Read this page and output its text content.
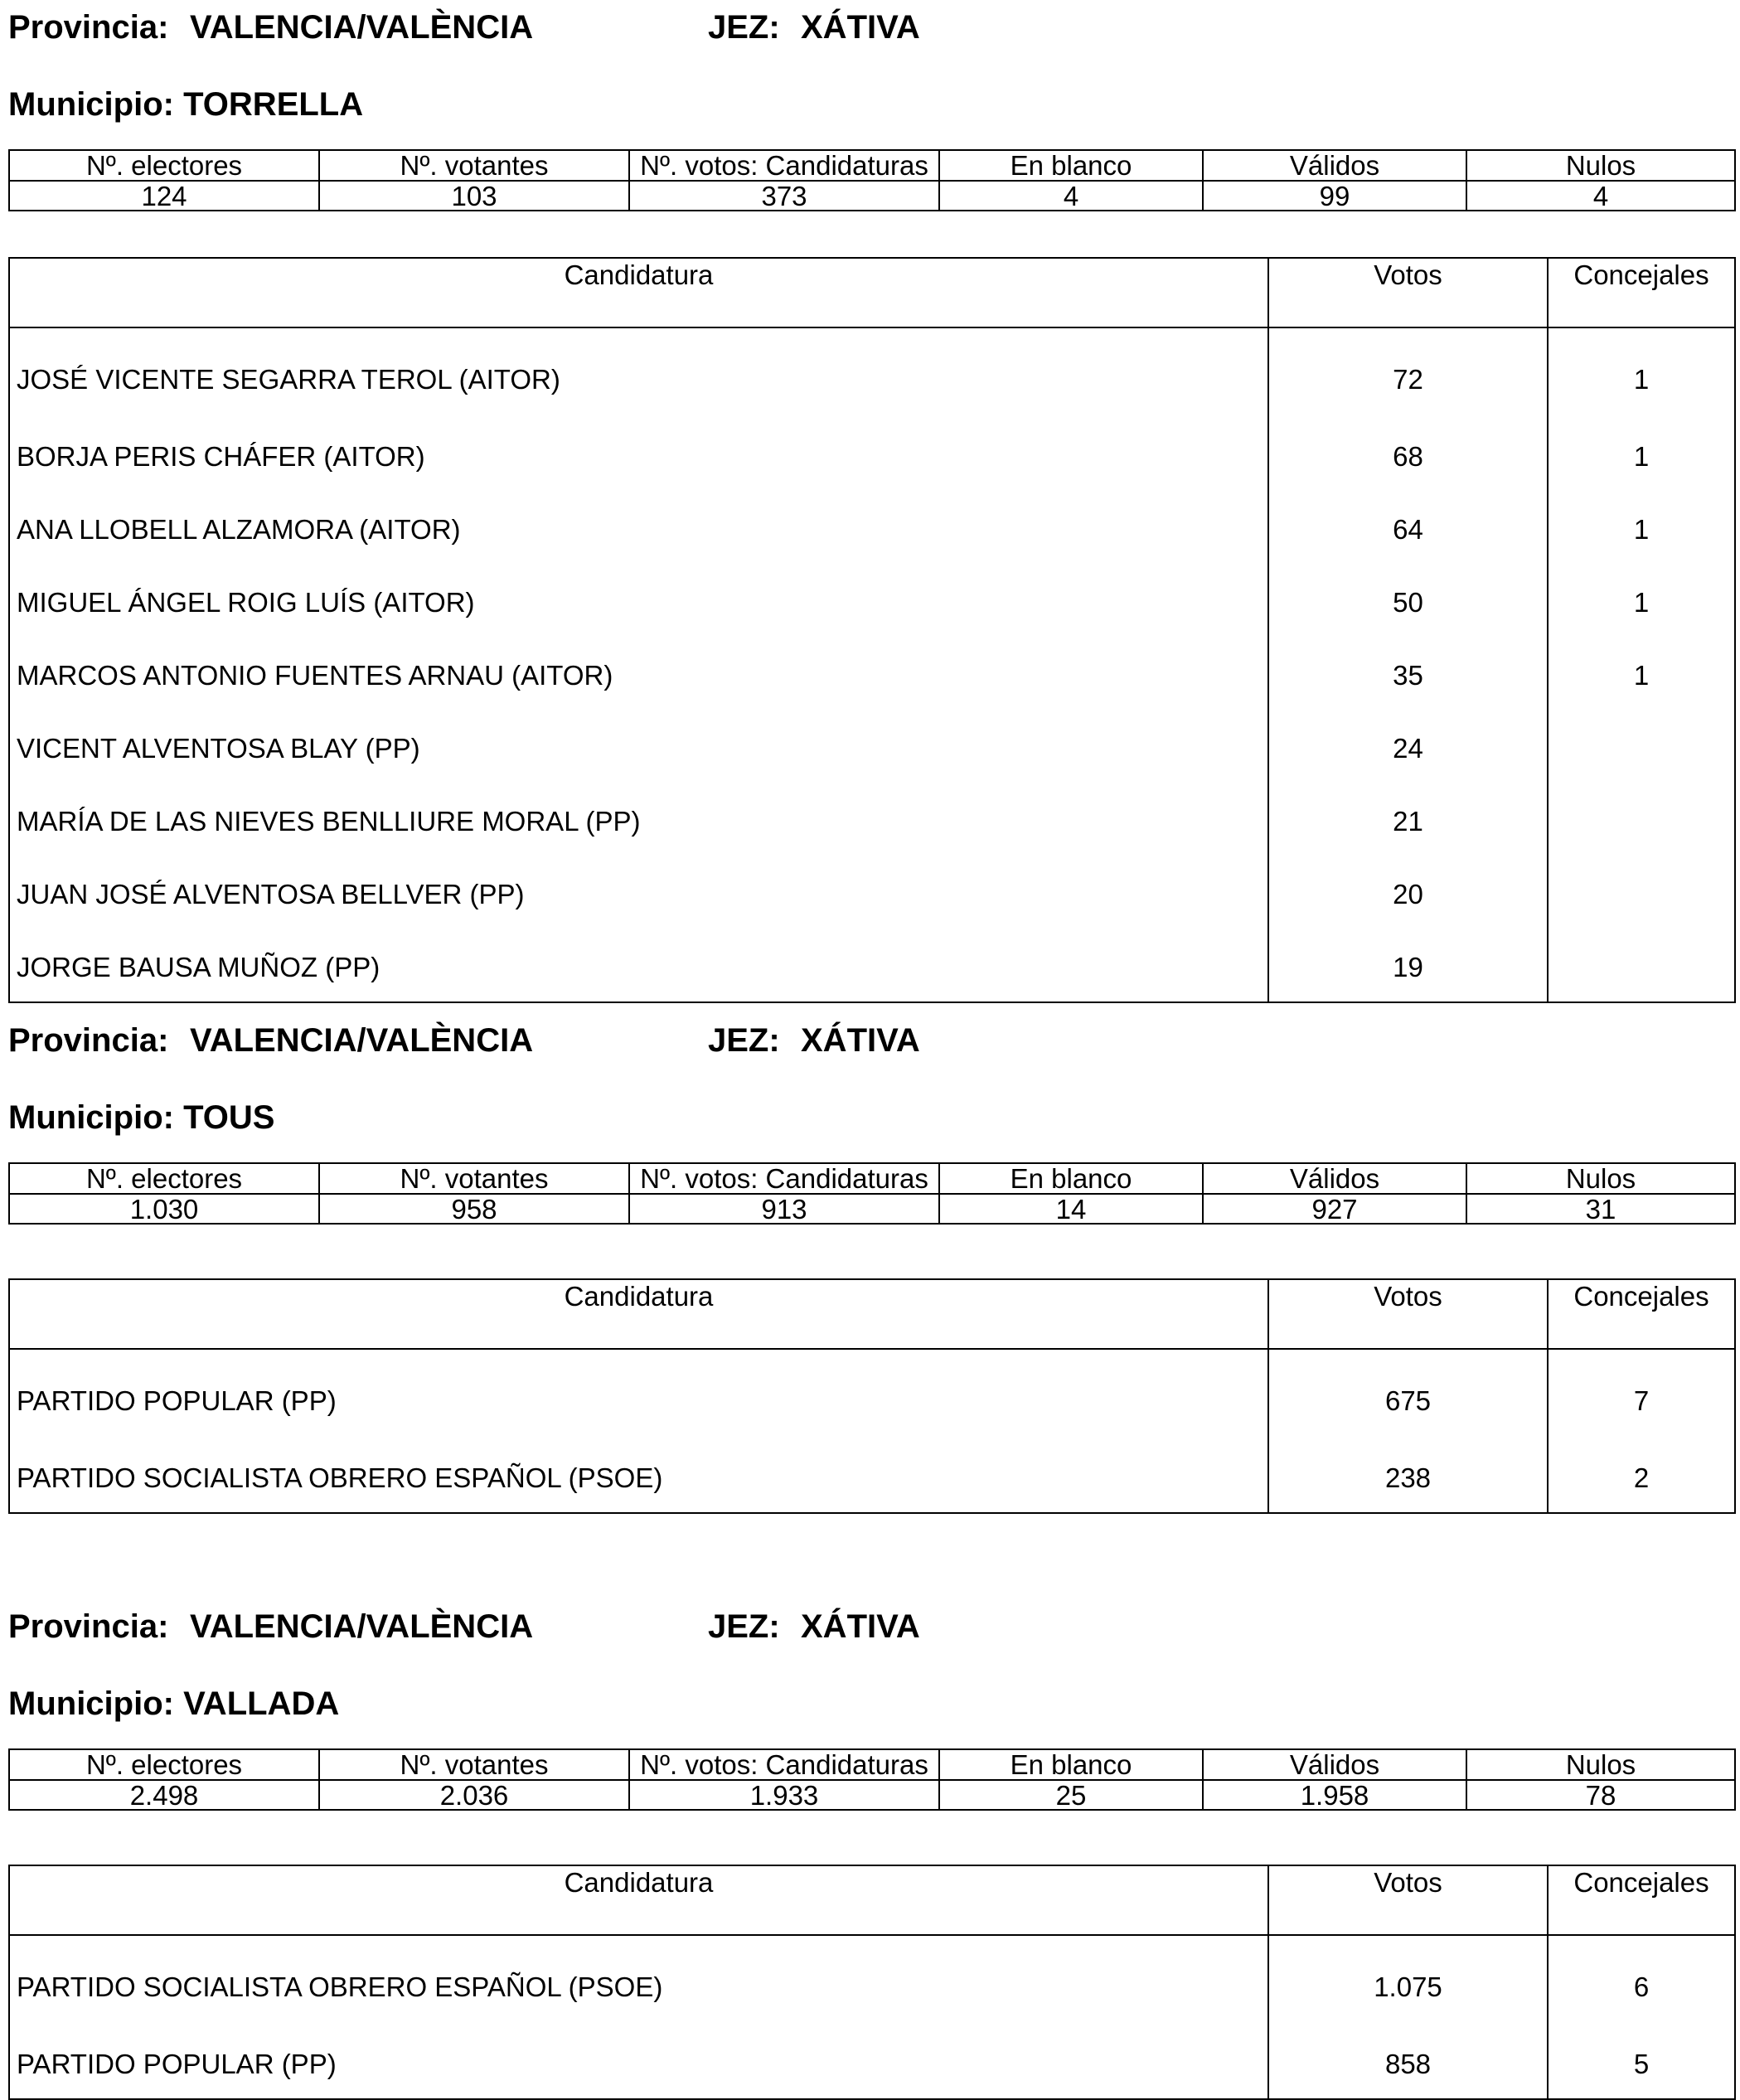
Provincia: VALENCIA/VALÈNCIA	JEZ: XÁTIVA
Municipio: TORRELLA
Nº. electores	Nº. votantes	Nº. votos: Candidaturas	En blanco	Válidos	Nulos
124	103	373	4	99	4
Candidatura	Votos	Concejales
JOSÉ VICENTE SEGARRA TEROL (AITOR)	72	1
BORJA PERIS CHÁFER (AITOR)	68	1
ANA LLOBELL ALZAMORA (AITOR)	64	1
MIGUEL ÁNGEL ROIG LUÍS (AITOR)	50	1
MARCOS ANTONIO FUENTES ARNAU (AITOR)	35	1
VICENT ALVENTOSA BLAY (PP)	24	
MARÍA DE LAS NIEVES BENLLIURE MORAL (PP)	21	
JUAN JOSÉ ALVENTOSA BELLVER (PP)	20	
JORGE BAUSA MUÑOZ (PP)	19	
Provincia: VALENCIA/VALÈNCIA	JEZ: XÁTIVA
Municipio: TOUS
Nº. electores	Nº. votantes	Nº. votos: Candidaturas	En blanco	Válidos	Nulos
1.030	958	913	14	927	31
Candidatura	Votos	Concejales
PARTIDO POPULAR (PP)	675	7
PARTIDO SOCIALISTA OBRERO ESPAÑOL (PSOE)	238	2
Provincia: VALENCIA/VALÈNCIA	JEZ: XÁTIVA
Municipio: VALLADA
Nº. electores	Nº. votantes	Nº. votos: Candidaturas	En blanco	Válidos	Nulos
2.498	2.036	1.933	25	1.958	78
Candidatura	Votos	Concejales
PARTIDO SOCIALISTA OBRERO ESPAÑOL (PSOE)	1.075	6
PARTIDO POPULAR (PP)	858	5
